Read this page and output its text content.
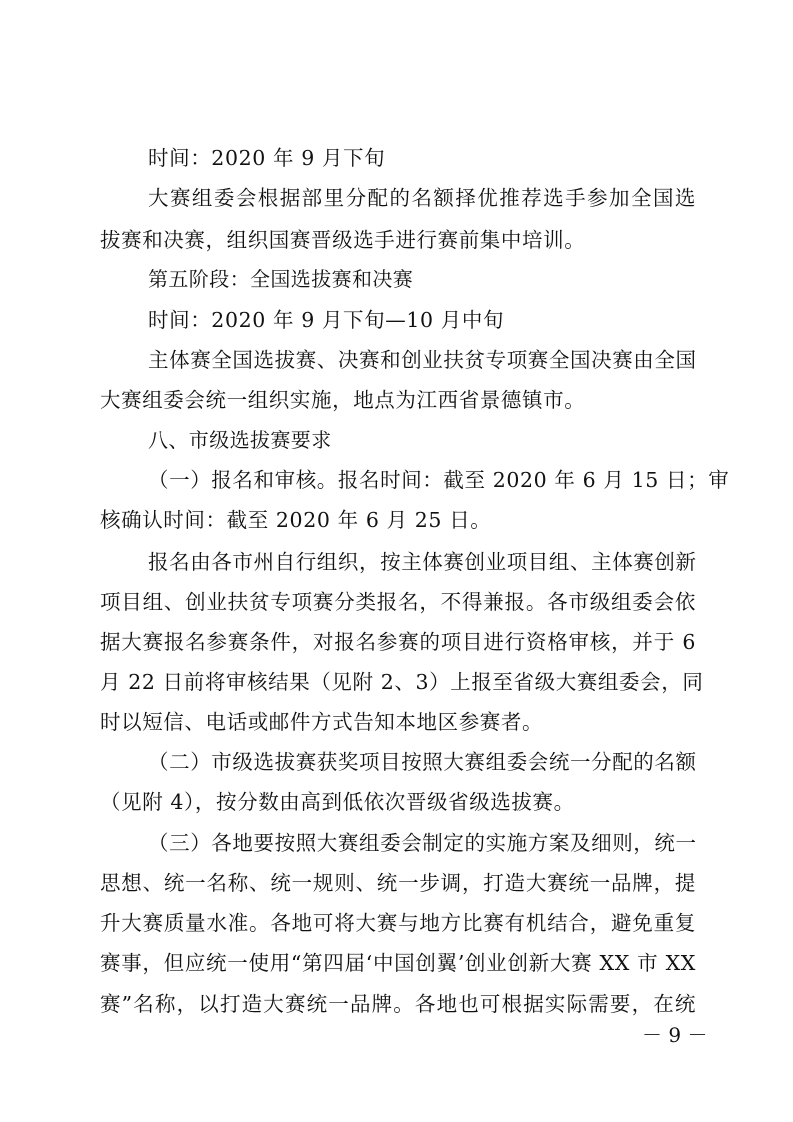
时间：2020 年 9 月下旬
大赛组委会根据部里分配的名额择优推荐选手参加全国选
拔赛和决赛，组织国赛晋级选手进行赛前集中培训。
第五阶段：全国选拔赛和决赛
时间：2020 年 9 月下旬—10 月中旬
主体赛全国选拔赛、决赛和创业扶贫专项赛全国决赛由全国
大赛组委会统一组织实施，地点为江西省景德镇市。
八、市级选拔赛要求
（一）报名和审核。报名时间：截至 2020 年 6 月 15 日；审
核确认时间：截至 2020 年 6 月 25 日。
报名由各市州自行组织，按主体赛创业项目组、主体赛创新
项目组、创业扶贫专项赛分类报名，不得兼报。各市级组委会依
据大赛报名参赛条件，对报名参赛的项目进行资格审核，并于 6
月 22 日前将审核结果（见附 2、3）上报至省级大赛组委会，同
时以短信、电话或邮件方式告知本地区参赛者。
（二）市级选拔赛获奖项目按照大赛组委会统一分配的名额
（见附 4），按分数由高到低依次晋级省级选拔赛。
（三）各地要按照大赛组委会制定的实施方案及细则，统一
思想、统一名称、统一规则、统一步调，打造大赛统一品牌，提
升大赛质量水准。各地可将大赛与地方比赛有机结合，避免重复
赛事，但应统一使用“第四届‘中国创翼’创业创新大赛 XX 市 XX
赛”名称，以打造大赛统一品牌。各地也可根据实际需要，在统
－ 9 －
